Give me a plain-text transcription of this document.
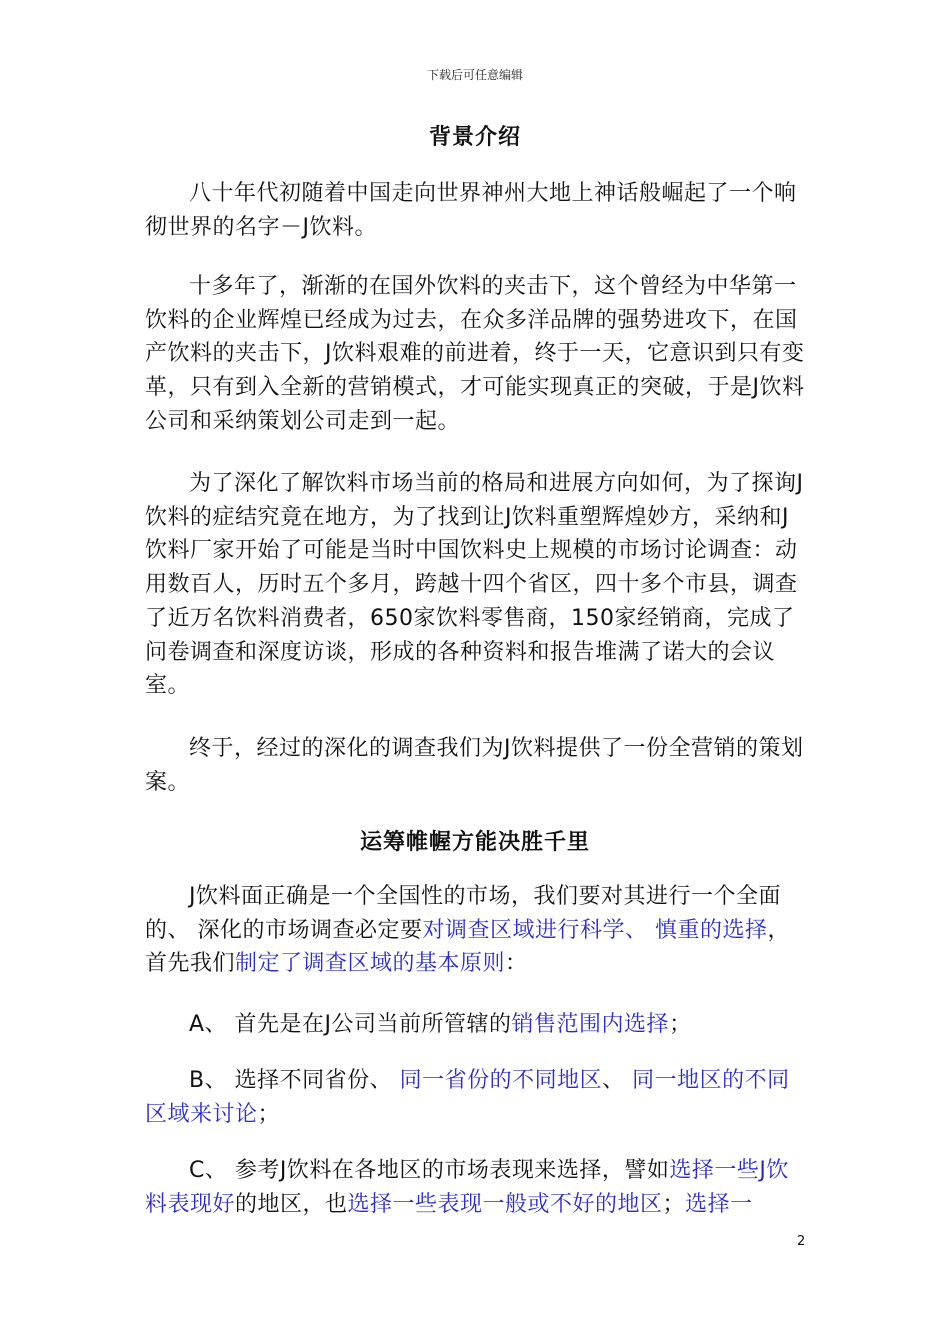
下载后可任意编辑
背景介绍

八十年代初随着中国走向世界神州大地上神话般崛起了一个响彻世界的名字－J饮料。

十多年了，渐渐的在国外饮料的夹击下，这个曾经为中华第一饮料的企业辉煌已经成为过去，在众多洋品牌的强势进攻下，在国产饮料的夹击下，J饮料艰难的前进着，终于一天，它意识到只有变革，只有到入全新的营销模式，才可能实现真正的突破，于是J饮料公司和采纳策划公司走到一起。

为了深化了解饮料市场当前的格局和进展方向如何，为了探询J饮料的症结究竟在地方，为了找到让J饮料重塑辉煌妙方，采纳和J饮料厂家开始了可能是当时中国饮料史上规模的市场讨论调查：动用数百人，历时五个多月，跨越十四个省区，四十多个市县，调查了近万名饮料消费者，650家饮料零售商，150家经销商，完成了问卷调查和深度访谈，形成的各种资料和报告堆满了诺大的会议室。

终于，经过的深化的调查我们为J饮料提供了一份全营销的策划案。

运筹帷幄方能决胜千里

J饮料面正确是一个全国性的市场，我们要对其进行一个全面的、 深化的市场调查必定要对调查区域进行科学、 慎重的选择，首先我们制定了调查区域的基本原则：

A、 首先是在J公司当前所管辖的销售范围内选择；

B、 选择不同省份、 同一省份的不同地区、 同一地区的不同区域来讨论；

C、 参考J饮料在各地区的市场表现来选择，譬如选择一些J饮料表现好的地区，也选择一些表现一般或不好的地区；选择一

2
